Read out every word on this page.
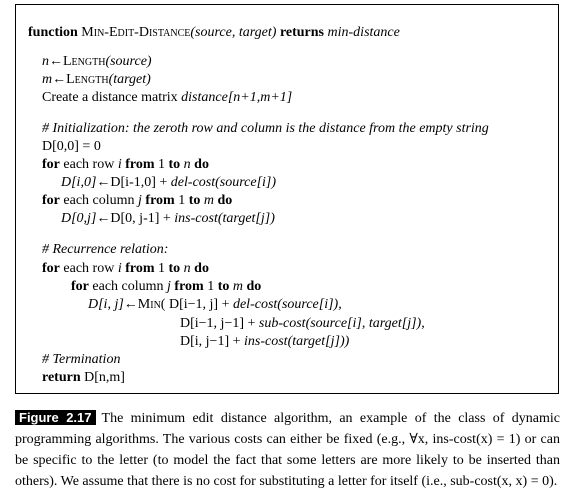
function Min-Edit-Distance(source, target) returns min-distance
n←Length(source)
m←Length(target)
Create a distance matrix distance[n+1,m+1]
# Initialization: the zeroth row and column is the distance from the empty string
D[0,0] = 0
for each row i from 1 to n do
D[i,0]←D[i-1,0] + del-cost(source[i])
for each column j from 1 to m do
D[0,j]←D[0, j-1] + ins-cost(target[j])
# Recurrence relation:
for each row i from 1 to n do
for each column j from 1 to m do
D[i, j]←Min( D[i−1, j] + del-cost(source[i]),
D[i−1, j−1] + sub-cost(source[i], target[j]),
D[i, j−1] + ins-cost(target[j]))
# Termination
return D[n,m]
Figure 2.17 The minimum edit distance algorithm, an example of the class of dynamic programming algorithms. The various costs can either be fixed (e.g., ∀x, ins-cost(x) = 1) or can be specific to the letter (to model the fact that some letters are more likely to be inserted than others). We assume that there is no cost for substituting a letter for itself (i.e., sub-cost(x, x) = 0).
